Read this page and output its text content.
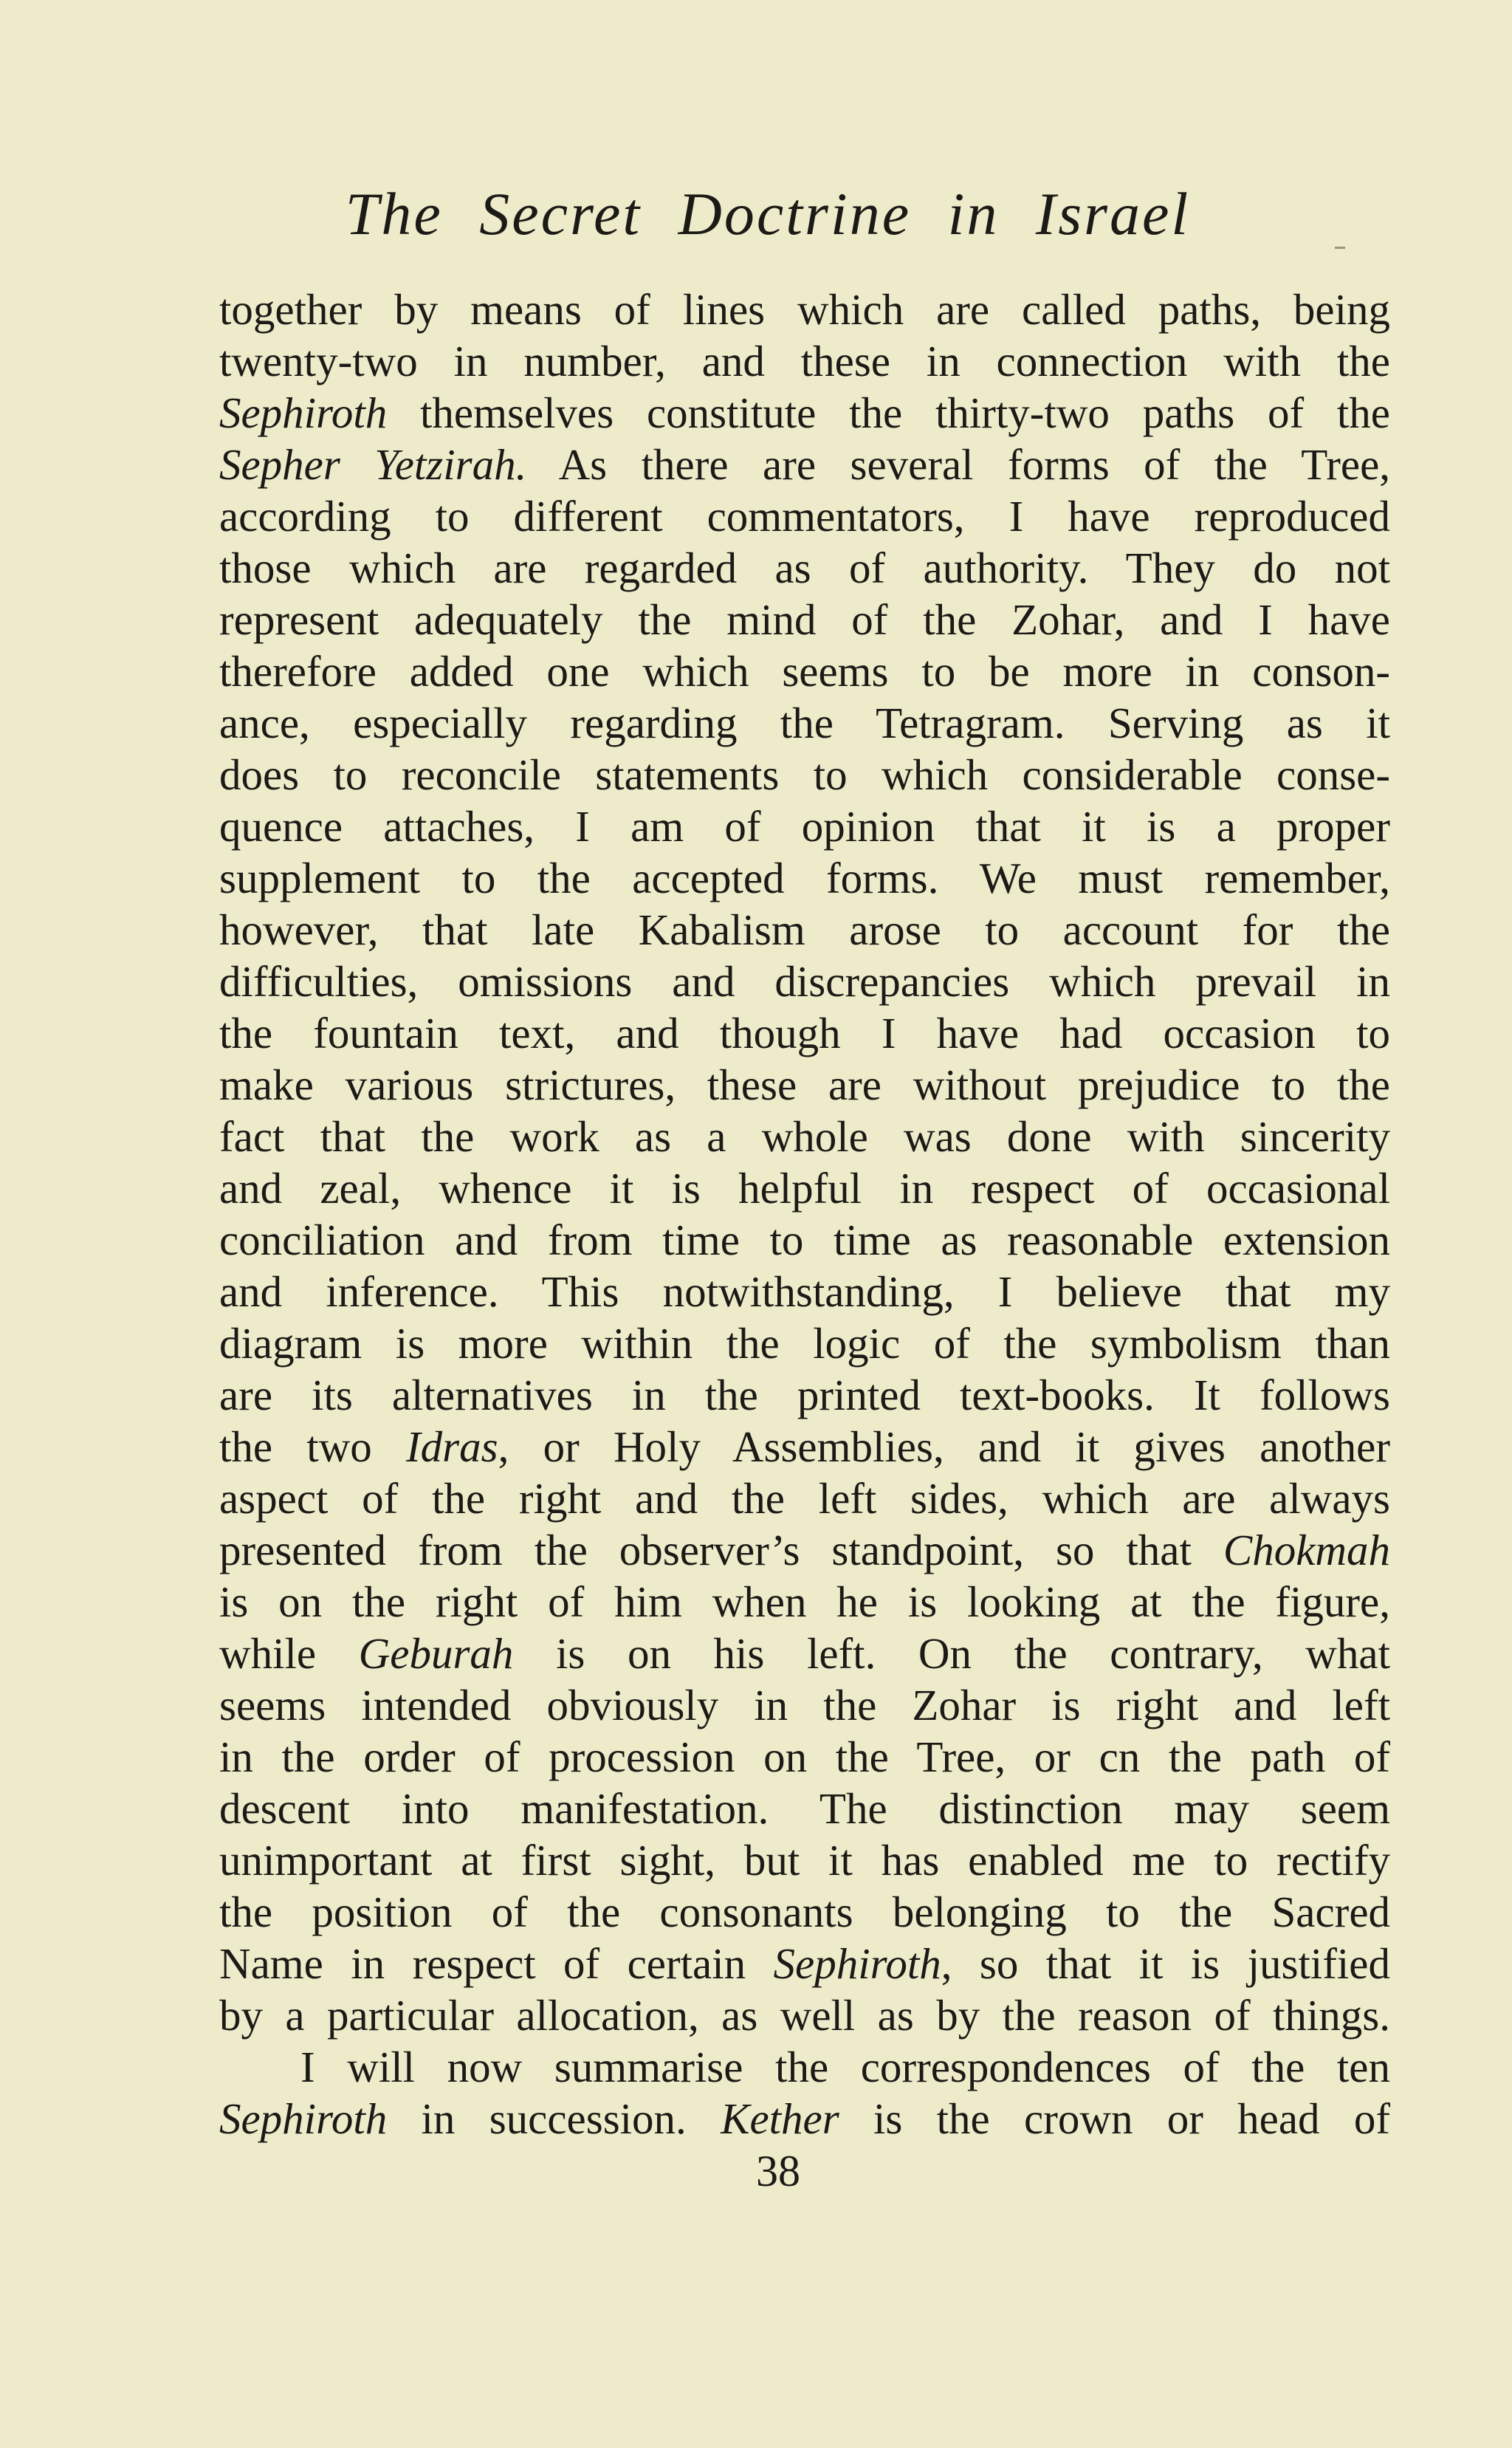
The Secret Doctrine in Israel
together by means of lines which are called paths, being
twenty-two in number, and these in connection with the
Sephiroth themselves constitute the thirty-two paths of the
Sepher Yetzirah. As there are several forms of the Tree,
according to different commentators, I have reproduced
those which are regarded as of authority. They do not
represent adequately the mind of the Zohar, and I have
therefore added one which seems to be more in conson-
ance, especially regarding the Tetragram. Serving as it
does to reconcile statements to which considerable conse-
quence attaches, I am of opinion that it is a proper
supplement to the accepted forms. We must remember,
however, that late Kabalism arose to account for the
difficulties, omissions and discrepancies which prevail in
the fountain text, and though I have had occasion to
make various strictures, these are without prejudice to the
fact that the work as a whole was done with sincerity
and zeal, whence it is helpful in respect of occasional
conciliation and from time to time as reasonable extension
and inference. This notwithstanding, I believe that my
diagram is more within the logic of the symbolism than
are its alternatives in the printed text-books. It follows
the two Idras, or Holy Assemblies, and it gives another
aspect of the right and the left sides, which are always
presented from the observer’s standpoint, so that Chokmah
is on the right of him when he is looking at the figure,
while Geburah is on his left. On the contrary, what
seems intended obviously in the Zohar is right and left
in the order of procession on the Tree, or cn the path of
descent into manifestation. The distinction may seem
unimportant at first sight, but it has enabled me to rectify
the position of the consonants belonging to the Sacred
Name in respect of certain Sephiroth, so that it is justified
by a particular allocation, as well as by the reason of things.
I will now summarise the correspondences of the ten
Sephiroth in succession. Kether is the crown or head of
38
